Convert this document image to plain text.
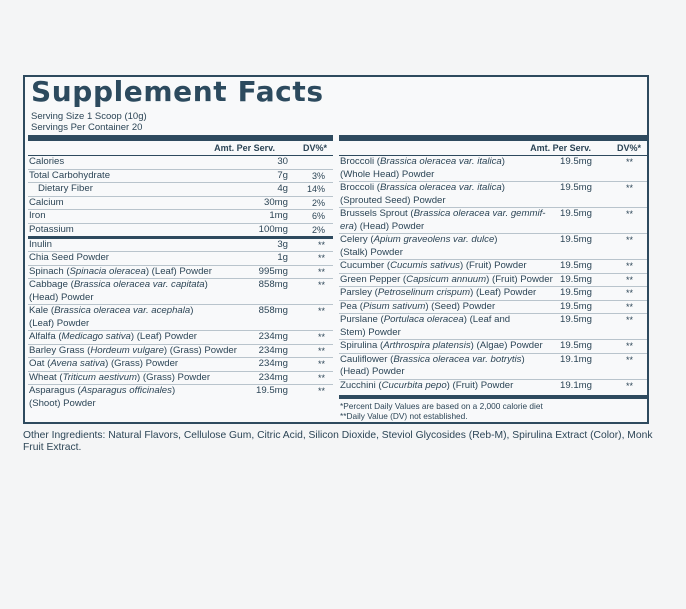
Supplement Facts
Serving Size 1 Scoop (10g)
Servings Per Container 20
Amt. Per Serv.	DV%*
Calories	30
Total Carbohydrate	7g	3%
Dietary Fiber	4g 14%
Calcium	30mg	2%
Iron	1mg	6%
Potassium	100mg	2%
Inulin	3g	**
Chia Seed Powder	1g	**
Spinach (Spinacia oleracea) (Leaf) Powder	995mg	**
Cabbage (Brassica oleracea var. capitata)
(Head) Powder
858mg	**
Kale (Brassica oleracea var. acephala)
(Leaf) Powder
858mg	**
Alfalfa (Medicago sativa) (Leaf) Powder	234mg	**
Barley Grass (Hordeum vulgare) (Grass) Powder 234mg	**
Oat (Avena sativa) (Grass) Powder	234mg	**
Wheat (Triticum aestivum) (Grass) Powder	234mg	**
Asparagus (Asparagus officinales)
(Shoot) Powder
19.5mg	**
Amt. Per Serv.	DV%*
Broccoli (Brassica oleracea var. italica)
(Whole Head) Powder
19.5mg	**
Broccoli (Brassica oleracea var. italica)
(Sprouted Seed) Powder
19.5mg	**
Brussels Sprout (Brassica oleracea var. gemmif-
era) (Head) Powder
19.5mg	**
Celery (Apium graveolens var. dulce)
(Stalk) Powder
19.5mg	**
Cucumber (Cucumis sativus) (Fruit) Powder	19.5mg	**
Green Pepper (Capsicum annuum) (Fruit) Powder 19.5mg	**
Parsley (Petroselinum crispum) (Leaf) Powder 19.5mg	**
Pea (Pisum sativum) (Seed) Powder	19.5mg	**
Purslane (Portulaca oleracea) (Leaf and
Stem) Powder
19.5mg	**
Spirulina (Arthrospira platensis) (Algae) Powder 19.5mg	**
Cauliflower (Brassica oleracea var. botrytis)
(Head) Powder
19.1mg	**
Zucchini (Cucurbita pepo) (Fruit) Powder	19.1mg	**
*Percent Daily Values are based on a 2,000 calorie diet
**Daily Value (DV) not established.
Other Ingredients: Natural Flavors, Cellulose Gum, Citric Acid, Silicon Dioxide, Steviol Glycosides (Reb-M), Spirulina Extract (Color), Monk Fruit Extract.
